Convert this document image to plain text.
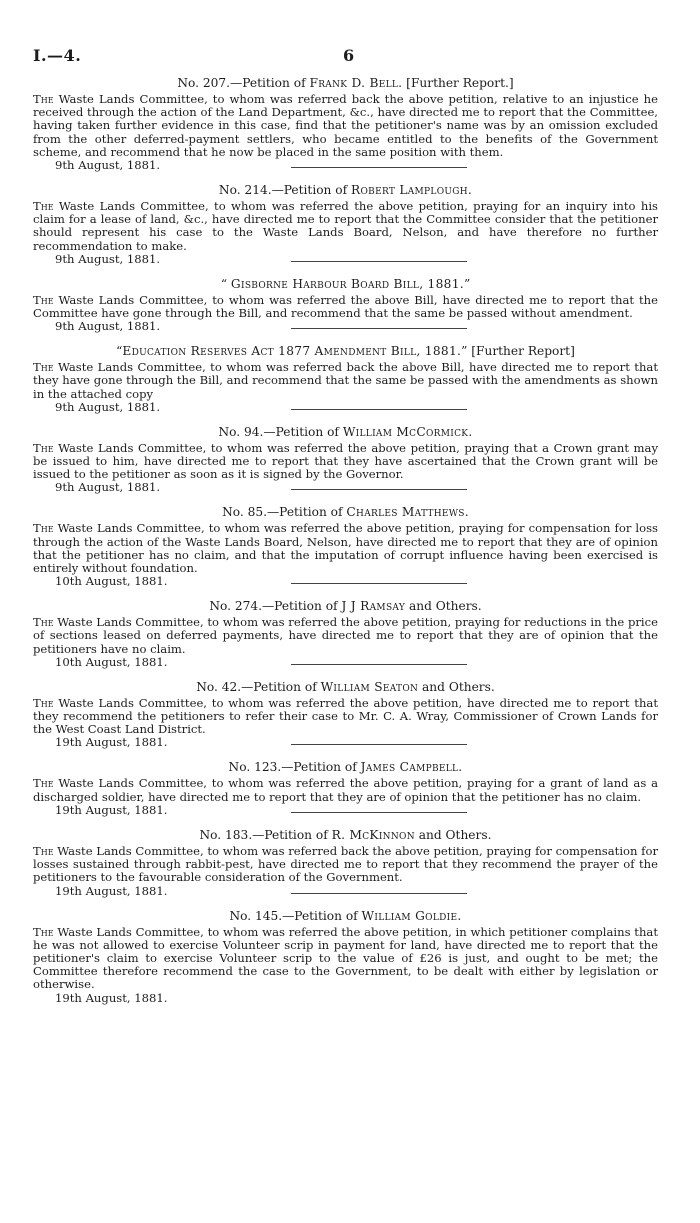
I.—4.	6
No. 207.—Petition of Frank D. Bell. [Further Report.]
The Waste Lands Committee, to whom was referred back the above petition, relative to an injustice he received through the action of the Land Department, &c., have directed me to report that the Committee, having taken further evidence in this case, find that the petitioner's name was by an omission excluded from the other deferred-payment settlers, who became entitled to the benefits of the Government scheme, and recommend that he now be placed in the same position with them.
9th August, 1881.
No. 214.—Petition of Robert Lamplough.
The Waste Lands Committee, to whom was referred the above petition, praying for an inquiry into his claim for a lease of land, &c., have directed me to report that the Committee consider that the petitioner should represent his case to the Waste Lands Board, Nelson, and have therefore no further recommendation to make.
9th August, 1881.
“ Gisborne Harbour Board Bill, 1881.”
The Waste Lands Committee, to whom was referred the above Bill, have directed me to report that the Committee have gone through the Bill, and recommend that the same be passed without amendment.
9th August, 1881.
“Education Reserves Act 1877 Amendment Bill, 1881.” [Further Report]
The Waste Lands Committee, to whom was referred back the above Bill, have directed me to report that they have gone through the Bill, and recommend that the same be passed with the amendments as shown in the attached copy
9th August, 1881.
No. 94.—Petition of William McCormick.
The Waste Lands Committee, to whom was referred the above petition, praying that a Crown grant may be issued to him, have directed me to report that they have ascertained that the Crown grant will be issued to the petitioner as soon as it is signed by the Governor.
9th August, 1881.
No. 85.—Petition of Charles Matthews.
The Waste Lands Committee, to whom was referred the above petition, praying for compensation for loss through the action of the Waste Lands Board, Nelson, have directed me to report that they are of opinion that the petitioner has no claim, and that the imputation of corrupt influence having been exercised is entirely without foundation.
10th August, 1881.
No. 274.—Petition of J J Ramsay and Others.
The Waste Lands Committee, to whom was referred the above petition, praying for reductions in the price of sections leased on deferred payments, have directed me to report that they are of opinion that the petitioners have no claim.
10th August, 1881.
No. 42.—Petition of William Seaton and Others.
The Waste Lands Committee, to whom was referred the above petition, have directed me to report that they recommend the petitioners to refer their case to Mr. C. A. Wray, Commissioner of Crown Lands for the West Coast Land District.
19th August, 1881.
No. 123.—Petition of James Campbell.
The Waste Lands Committee, to whom was referred the above petition, praying for a grant of land as a discharged soldier, have directed me to report that they are of opinion that the petitioner has no claim.
19th August, 1881.
No. 183.—Petition of R. McKinnon and Others.
The Waste Lands Committee, to whom was referred back the above petition, praying for compensation for losses sustained through rabbit-pest, have directed me to report that they recommend the prayer of the petitioners to the favourable consideration of the Government.
19th August, 1881.
No. 145.—Petition of William Goldie.
The Waste Lands Committee, to whom was referred the above petition, in which petitioner complains that he was not allowed to exercise Volunteer scrip in payment for land, have directed me to report that the petitioner's claim to exercise Volunteer scrip to the value of £26 is just, and ought to be met; the Committee therefore recommend the case to the Government, to be dealt with either by legislation or otherwise.
19th August, 1881.
